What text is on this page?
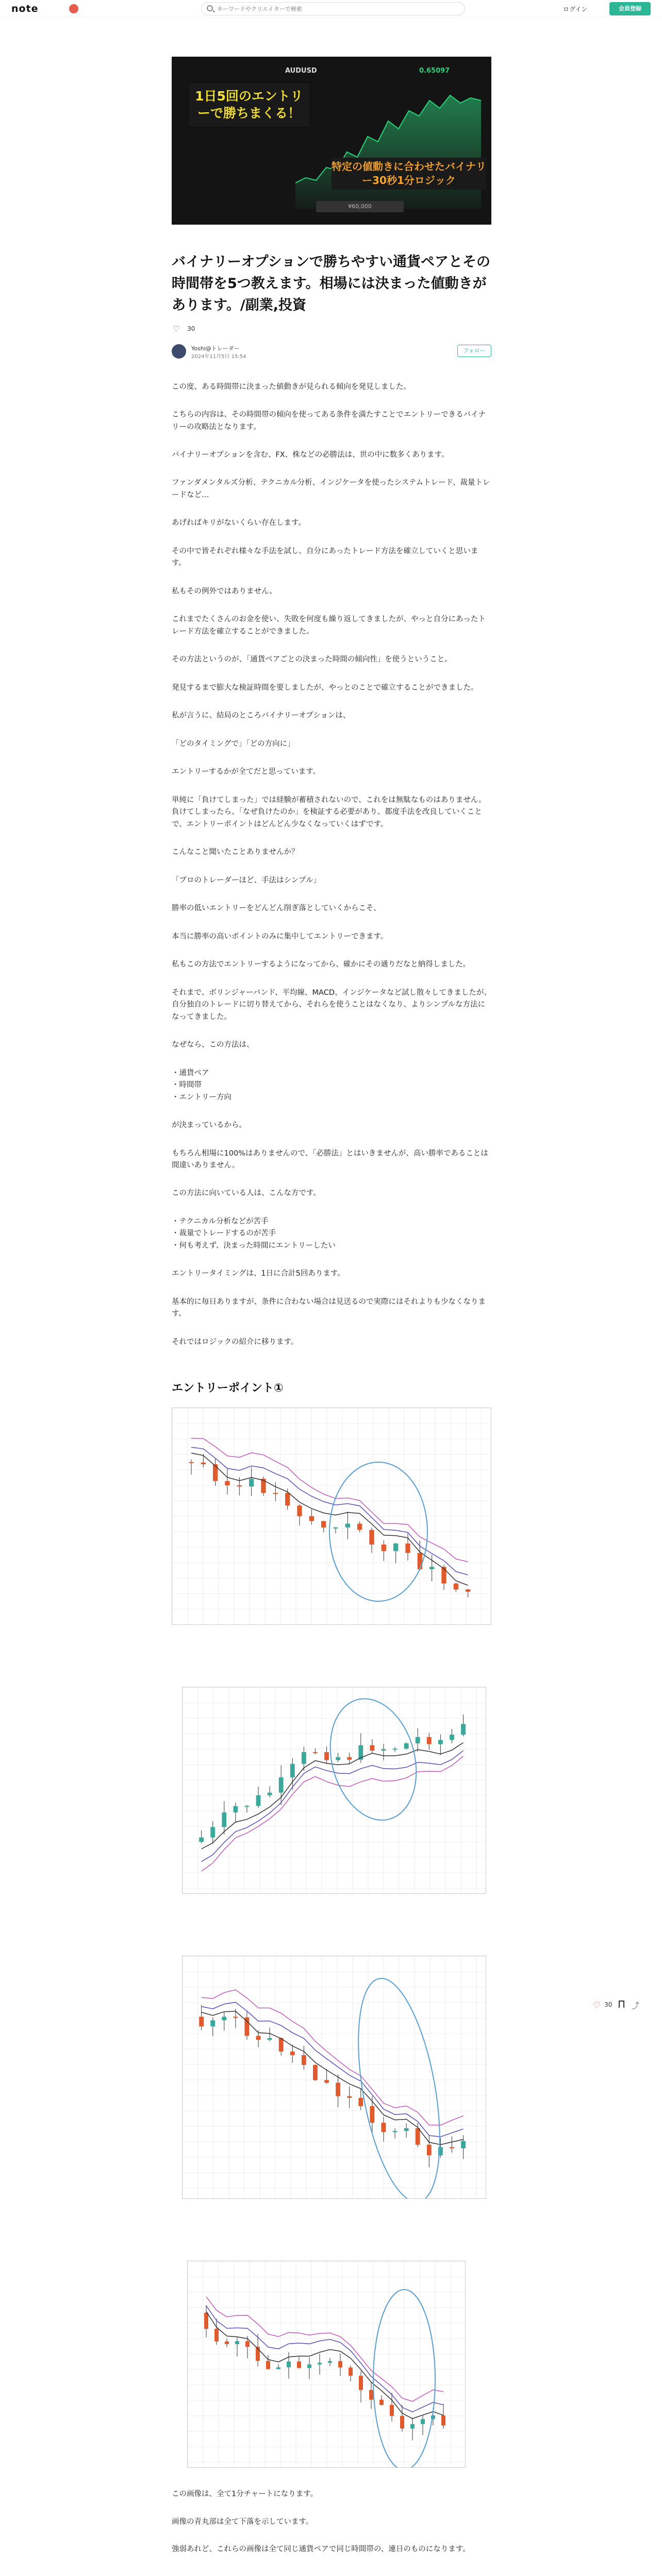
note
キーワードやクリエイターで検索	ログイン	会員登録
♡ 30	⤴
AUDUSD	0.65097
1日5回のエントリーで勝ちまくる！
特定の値動きに合わせたバイナリー30秒1分ロジック
¥60,000
バイナリーオプションで勝ちやすい通貨ペアとその時間帯を5つ教えます。相場には決まった値動きがあります。/副業,投資
♡ 30
Yoshi@トレーダー
2024年11月5日 15:54
フォロー

この度、ある時間帯に決まった値動きが見られる傾向を発見しました。

こちらの内容は、その時間帯の傾向を使ってある条件を満たすことでエントリーできるバイナリーの攻略法となります。

バイナリーオプションを含む、FX、株などの必勝法は、世の中に数多くあります。

ファンダメンタルズ分析、テクニカル分析、インジケータを使ったシステムトレード、裁量トレードなど…

あげればキリがないくらい存在します。

その中で皆それぞれ様々な手法を試し、自分にあったトレード方法を確立していくと思います。

私もその例外ではありません。

これまでたくさんのお金を使い、失敗を何度も繰り返してきましたが、やっと自分にあったトレード方法を確立することができました。

その方法というのが、「通貨ペアごとの決まった時間の傾向性」を使うということ。

発見するまで膨大な検証時間を要しましたが、やっとのことで確立することができました。

私が言うに、結局のところバイナリーオプションは、

「どのタイミングで」「どの方向に」

エントリーするかが全てだと思っています。

単純に「負けてしまった」では経験が蓄積されないので、これをは無駄なものはありません。
負けてしまったら、「なぜ負けたのか」を検証する必要があり、都度手法を改良していくことで、エントリーポイントはどんどん少なくなっていくはずです。

こんなこと聞いたことありませんか？

「プロのトレーダーほど、手法はシンプル」

勝率の低いエントリーをどんどん削ぎ落としていくからこそ、

本当に勝率の高いポイントのみに集中してエントリーできます。

私もこの方法でエントリーするようになってから、確かにその通りだなと納得しました。

それまで、ボリンジャーバンド、平均線、MACD、インジケータなど試し散々してきましたが、自分独自のトレードに切り替えてから、それらを使うことはなくなり、よりシンプルな方法になってきました。

なぜなら、この方法は、

・通貨ペア
・時間帯
・エントリー方向

が決まっているから。

もちろん相場に100%はありませんので、「必勝法」とはいきませんが、高い勝率であることは間違いありません。

この方法に向いている人は、こんな方です。

・テクニカル分析などが苦手
・裁量でトレードするのが苦手
・何も考えず、決まった時間にエントリーしたい

エントリータイミングは、1日に合計5回あります。

基本的に毎日ありますが、条件に合わない場合は見送るので実際にはそれよりも少なくなります。

それではロジックの紹介に移ります。

エントリーポイント①

この画像は、全て1分チャートになります。

画像の青丸部は全て下落を示しています。

強弱あれど、これらの画像は全て同じ通貨ペアで同じ時間帯の、連日のものになります。
